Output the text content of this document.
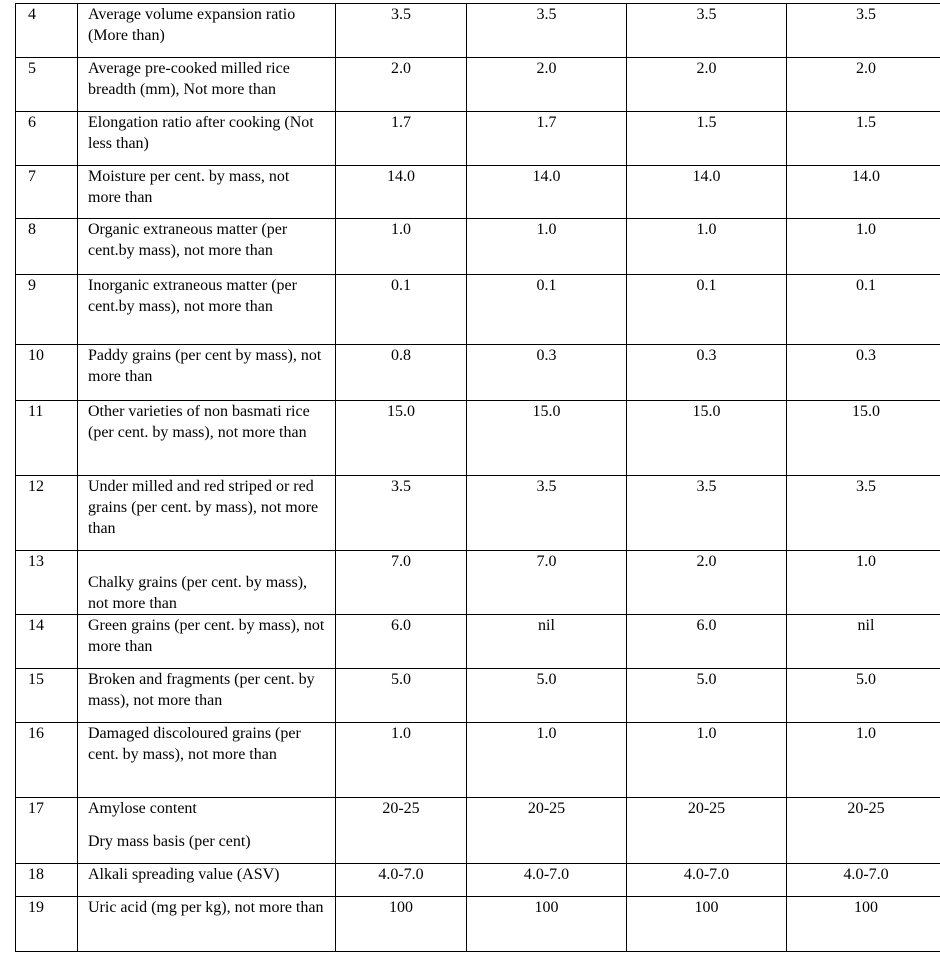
4	Average volume expansion ratio (More than)	3.5	3.5	3.5	3.5

5	Average pre-cooked milled rice breadth (mm), Not more than	2.0	2.0	2.0	2.0

6	Elongation ratio after cooking (Not less than)	1.7	1.7	1.5	1.5

7	Moisture per cent. by mass, not more than	14.0	14.0	14.0	14.0

8	Organic extraneous matter (per cent.by mass), not more than	1.0	1.0	1.0	1.0

9	Inorganic extraneous matter (per cent.by mass), not more than	0.1	0.1	0.1	0.1

10	Paddy grains (per cent by mass), not more than	0.8	0.3	0.3	0.3

11	Other varieties of non basmati rice (per cent. by mass), not more than	15.0	15.0	15.0	15.0

12	Under milled and red striped or red grains (per cent. by mass), not more than	3.5	3.5	3.5	3.5

13	Chalky grains (per cent. by mass), not more than	7.0	7.0	2.0	1.0

14	Green grains (per cent. by mass), not more than	6.0	nil	6.0	nil

15	Broken and fragments (per cent. by mass), not more than	5.0	5.0	5.0	5.0

16	Damaged discoloured grains (per cent. by mass), not more than	1.0	1.0	1.0	1.0

17	Amylose content
Dry mass basis (per cent)	20-25	20-25	20-25	20-25

18	Alkali spreading value (ASV)	4.0-7.0	4.0-7.0	4.0-7.0	4.0-7.0

19	Uric acid (mg per kg), not more than	100	100	100	100
